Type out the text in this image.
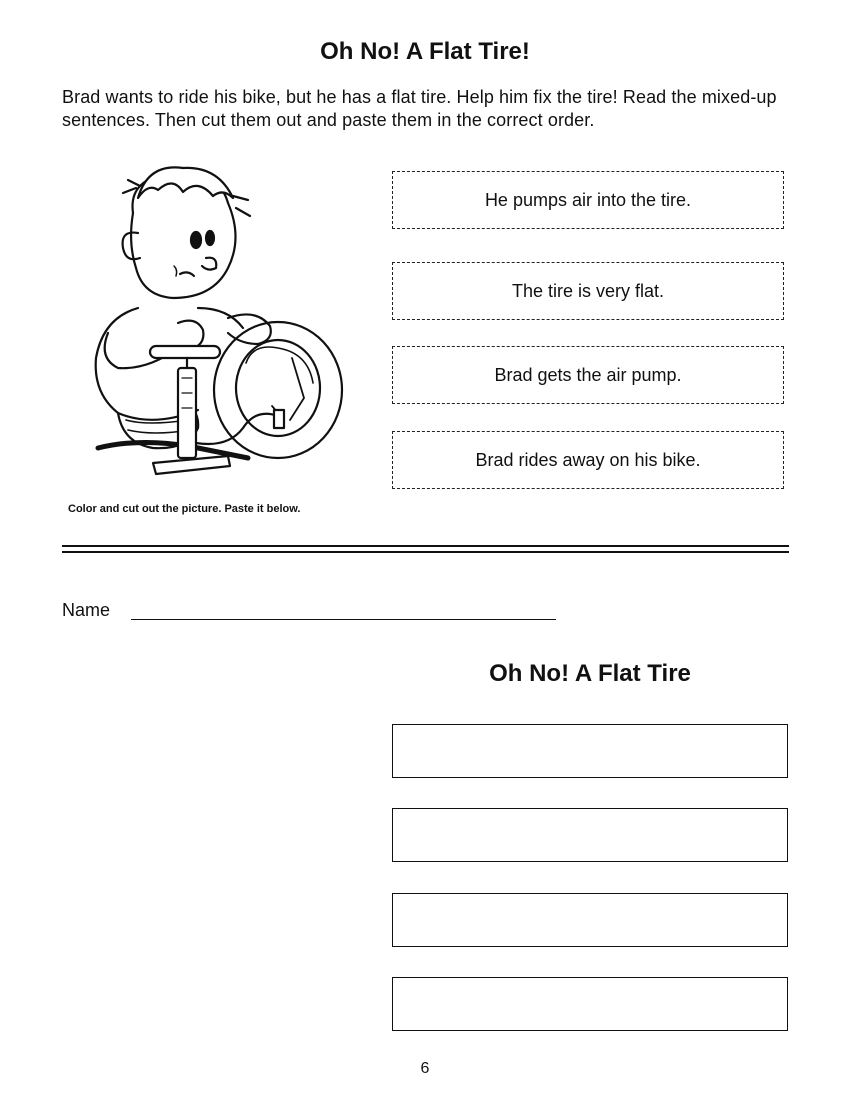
Oh No! A Flat Tire!

Brad wants to ride his bike, but he has a flat tire. Help him fix the tire! Read the mixed-up sentences. Then cut them out and paste them in the correct order.

Color and cut out the picture. Paste it below.
He pumps air into the tire.
The tire is very flat.
Brad gets the air pump.
Brad rides away on his bike.
Name
Oh No! A Flat Tire
6
